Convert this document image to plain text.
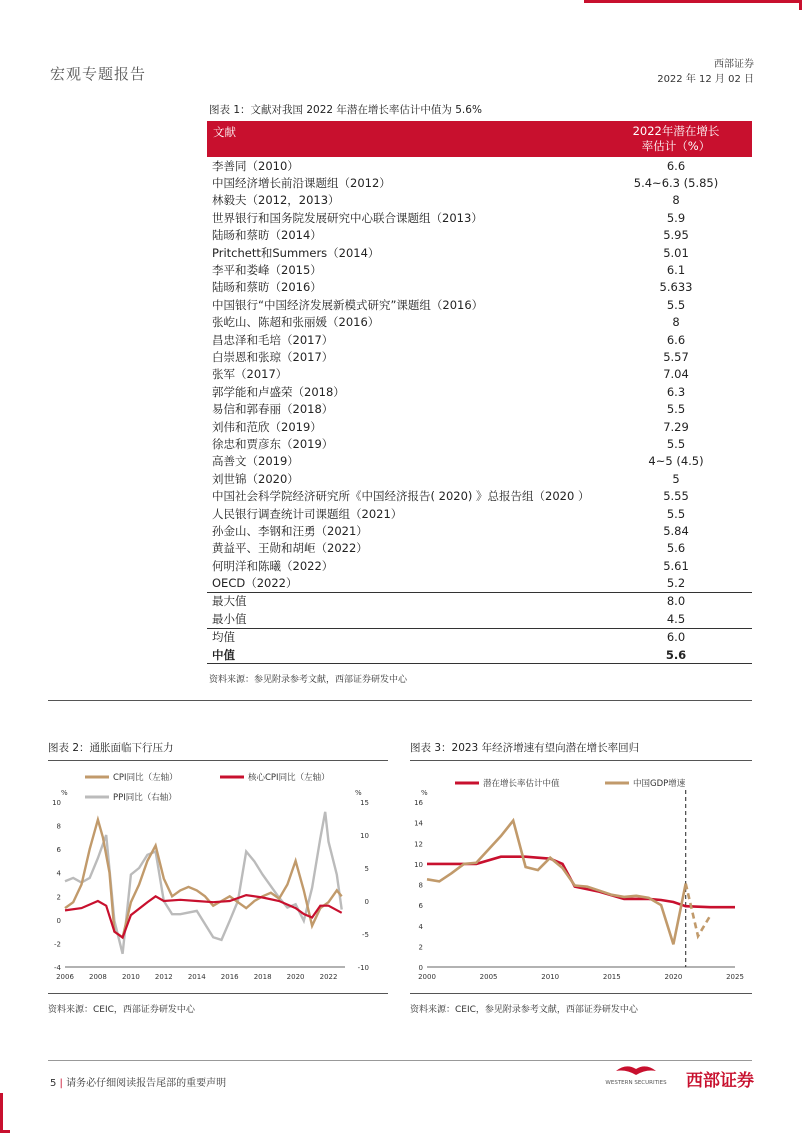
宏观专题报告
西部证券
2022 年 12 月 02 日
图表 1：文献对我国 2022 年潜在增长率估计中值为 5.6%
文献	2022年潜在增长
率估计（%）

李善同（2010）	6.6
中国经济增长前沿课题组（2012）	5.4~6.3 (5.85)
林毅夫（2012，2013）	8
世界银行和国务院发展研究中心联合课题组（2013）	5.9
陆旸和蔡昉（2014）	5.95
Pritchett和Summers（2014）	5.01
李平和娄峰（2015）	6.1
陆旸和蔡昉（2016）	5.633
中国银行“中国经济发展新模式研究”课题组（2016）	5.5
张屹山、陈超和张丽媛（2016）	8
昌忠泽和毛培（2017）	6.6
白崇恩和张琼（2017）	5.57
张军（2017）	7.04
郭学能和卢盛荣（2018）	6.3
易信和郭春丽（2018）	5.5
刘伟和范欣（2019）	7.29
徐忠和贾彦东（2019）	5.5
高善文（2019）	4~5 (4.5)
刘世锦（2020）	5
中国社会科学院经济研究所《中国经济报告( 2020) 》总报告组（2020 ）	5.55
人民银行调查统计司课题组（2021）	5.5
孙金山、李钢和汪勇（2021）	5.84
黄益平、王勋和胡岠（2022）	5.6
何明洋和陈曦（2022）	5.61
OECD（2022）	5.2
最大值	8.0
最小值	4.5
均值	6.0
中值	5.6
资料来源：参见附录参考文献，西部证券研发中心
图表 2：通胀面临下行压力
%	%
10
8
6
4
2
0
-2
-4
15
10
5
0
-5
-10
2006 2008 2010 2012 2014 2016 2018 2020 2022
CPI同比（左轴）	核心CPI同比（左轴）
PPI同比（右轴）
资料来源：CEIC，西部证券研发中心
图表 3：2023 年经济增速有望向潜在增长率回归
%
16
14
12
10
8
6
4
2
0
2000	2005	2010	2015	2020	2025
潜在增长率估计中值	中国GDP增速
资料来源：CEIC，参见附录参考文献，西部证券研发中心
5 | 请务必仔细阅读报告尾部的重要声明	WESTERN SECURITIES 西部证券
